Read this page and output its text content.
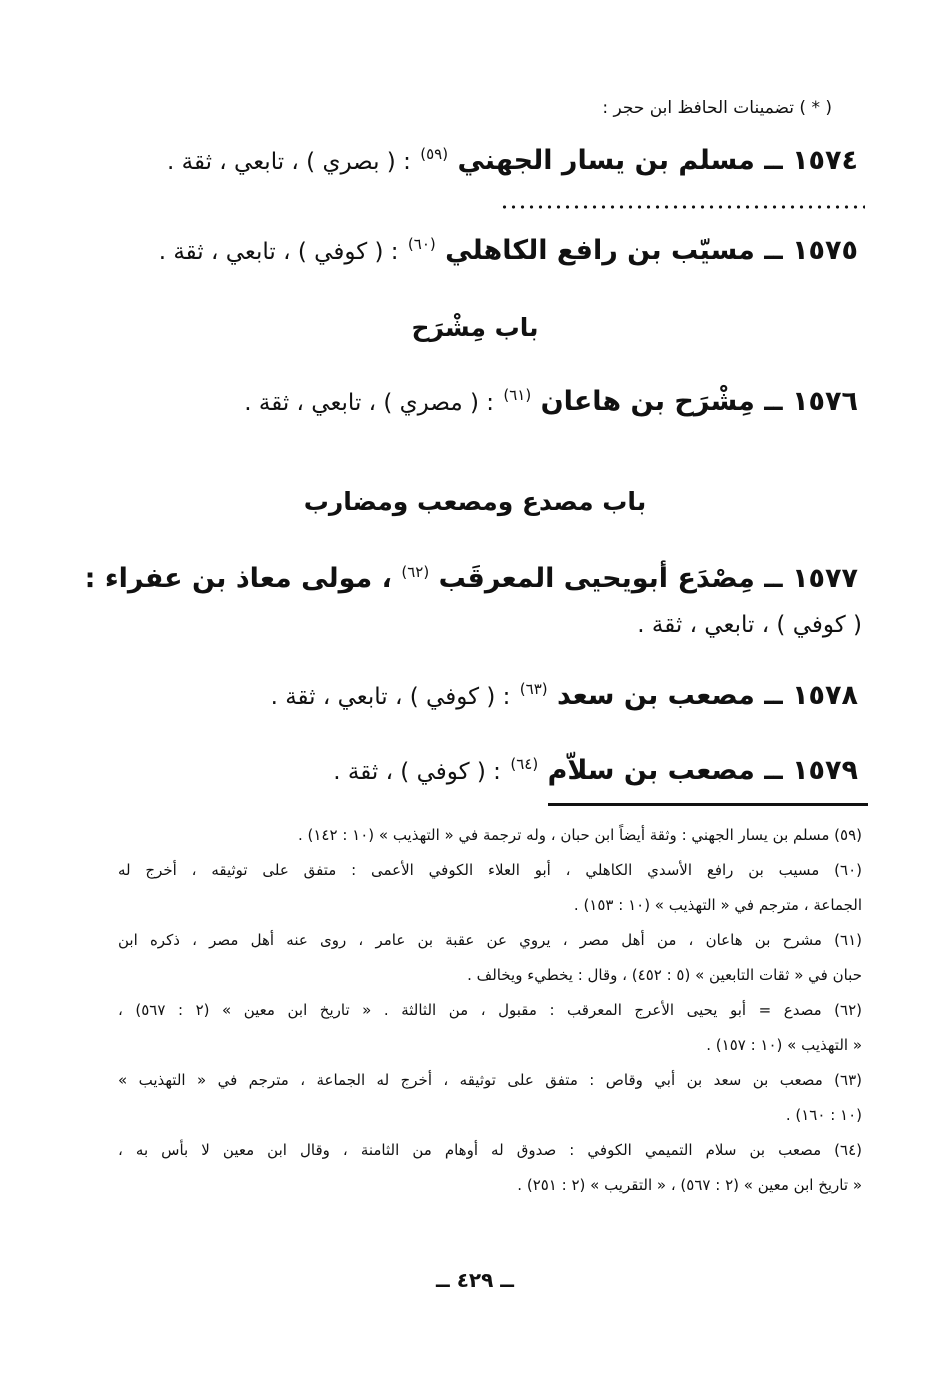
( * ) تضمينات الحافظ ابن حجر :
١٥٧٤ ــ مسلم بن يسار الجهني $^{(٥٩)}$ : ( بصري ) ، تابعي ، ثقة .
١٥٧٥ ــ مسيّب بن رافع الكاهلي $^{(٦٠)}$ : ( كوفي ) ، تابعي ، ثقة .
باب مِشْرَح
١٥٧٦ ــ مِشْرَح بن هاعان $^{(٦١)}$ : ( مصري ) ، تابعي ، ثقة .
باب مصدع ومصعب ومضارب
١٥٧٧ ــ مِصْدَع أبويحيى المعرقَب $^{(٦٢)}$ ، مولى معاذ بن عفراء :
( كوفي ) ، تابعي ، ثقة .
١٥٧٨ ــ مصعب بن سعد $^{(٦٣)}$ : ( كوفي ) ، تابعي ، ثقة .
١٥٧٩ ــ مصعب بن سلاّم $^{(٦٤)}$ : ( كوفي ) ، ثقة .
(٥٩) مسلم بن يسار الجهني : وثقة أيضاً ابن حبان ، وله ترجمة في « التهذيب » (١٠ : ١٤٢) .
(٦٠) مسيب بن رافع الأسدي الكاهلي ، أبو العلاء الكوفي الأعمى : متفق على توثيقه ، أخرج له
الجماعة ، مترجم في « التهذيب » (١٠ : ١٥٣) .
(٦١) مشرح بن هاعان ، من أهل مصر ، يروي عن عقبة بن عامر ، روى عنه أهل مصر ، ذكره ابن
حبان في « ثقات التابعين » (٥ : ٤٥٢) ، وقال : يخطيء ويخالف .
(٦٢) مصدع = أبو يحيى الأعرج المعرقب : مقبول ، من الثالثة . « تاريخ ابن معين » (٢ : ٥٦٧) ،
« التهذيب » (١٠ : ١٥٧) .
(٦٣) مصعب بن سعد بن أبي وقاص : متفق على توثيقه ، أخرج له الجماعة ، مترجم في « التهذيب »
(١٠ : ١٦٠) .
(٦٤) مصعب بن سلام التميمي الكوفي : صدوق له أوهام من الثامنة ، وقال ابن معين لا بأس به ،
« تاريخ ابن معين » (٢ : ٥٦٧) ، « التقريب » (٢ : ٢٥١) .
ــ ٤٢٩ ــ
